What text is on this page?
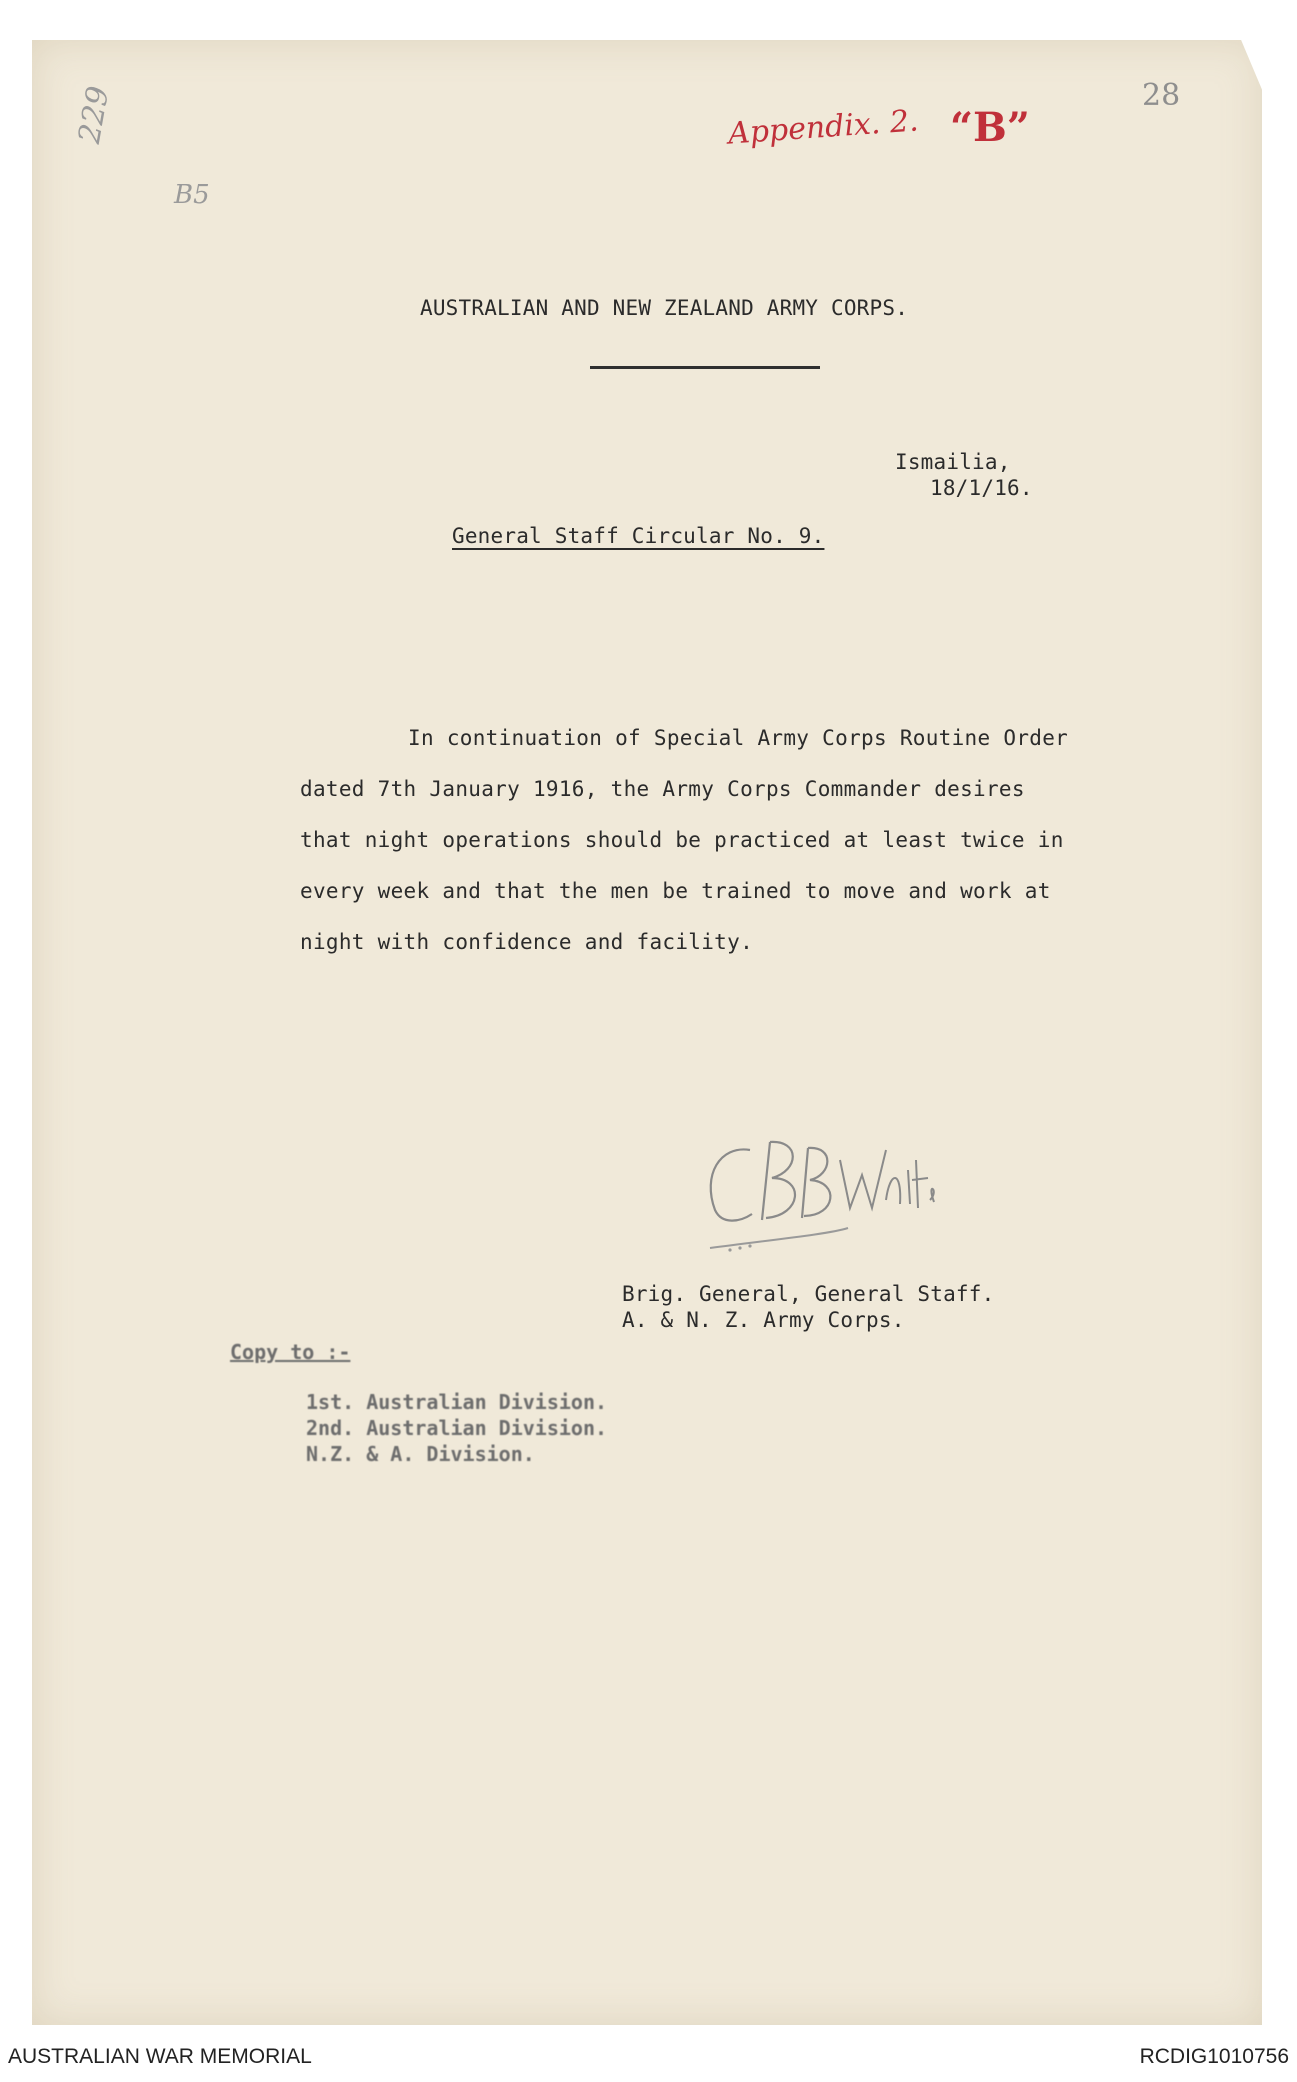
229
B5
Appendix. 2. “B”
28
AUSTRALIAN AND NEW ZEALAND ARMY CORPS.
Ismailia,
18/1/16.
General Staff Circular No. 9.
In continuation of Special Army Corps Routine Order
dated 7th January 1916, the Army Corps Commander desires
that night operations should be practiced at least twice in
every week and that the men be trained to move and work at
night with confidence and facility.
Brig. General, General Staff.
A. & N. Z. Army Corps.
Copy to :-
1st. Australian Division.
2nd. Australian Division.
N.Z. & A. Division.
AUSTRALIAN WAR MEMORIAL	RCDIG1010756
